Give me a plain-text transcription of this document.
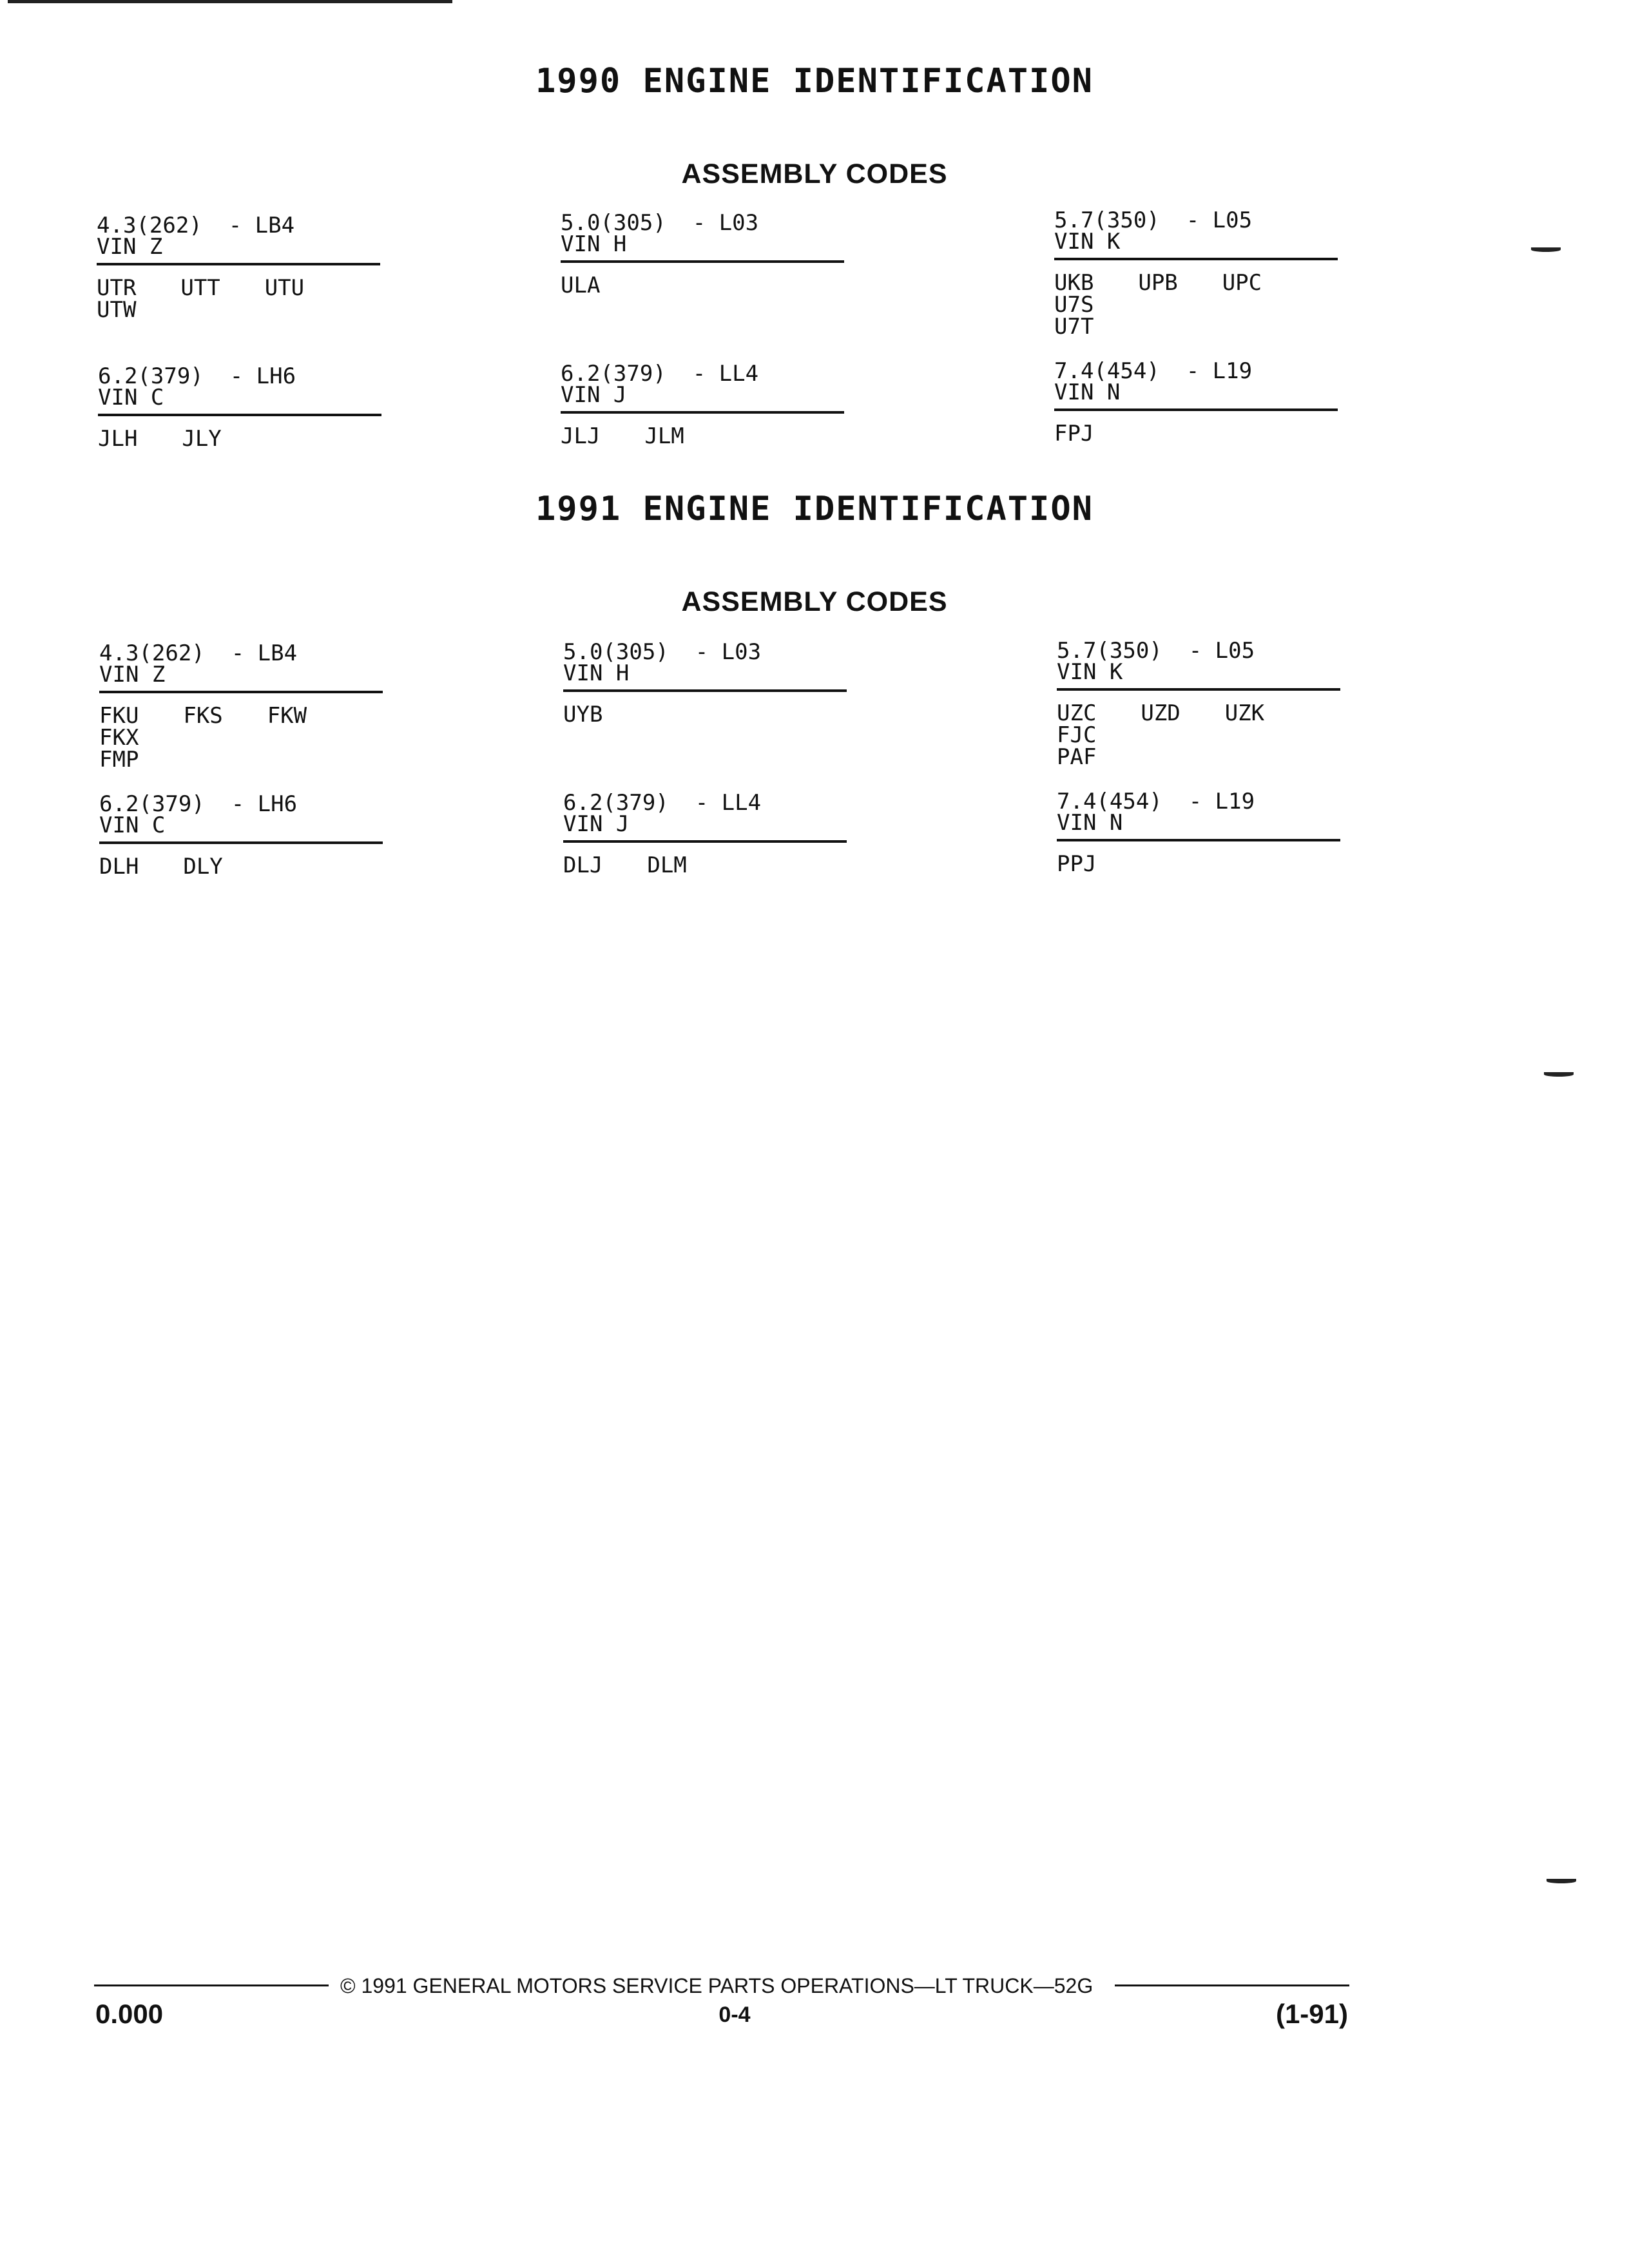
1990 ENGINE IDENTIFICATION
ASSEMBLY CODES
4.3(262)  - LB4
VIN Z
UTR  UTT  UTU  UTW
5.0(305)  - L03
VIN H
ULA
5.7(350)  - L05
VIN K
UKB  UPB  UPC  U7S
U7T
6.2(379)  - LH6
VIN C
JLH  JLY
6.2(379)  - LL4
VIN J
JLJ  JLM
7.4(454)  - L19
VIN N
FPJ
1991 ENGINE IDENTIFICATION
ASSEMBLY CODES
4.3(262)  - LB4
VIN Z
FKU  FKS  FKW  FKX
FMP
5.0(305)  - L03
VIN H
UYB
5.7(350)  - L05
VIN K
UZC  UZD  UZK  FJC
PAF
6.2(379)  - LH6
VIN C
DLH  DLY
6.2(379)  - LL4
VIN J
DLJ  DLM
7.4(454)  - L19
VIN N
PPJ
© 1991 GENERAL MOTORS SERVICE PARTS OPERATIONS—LT TRUCK—52G
0.000	0-4	(1-91)
